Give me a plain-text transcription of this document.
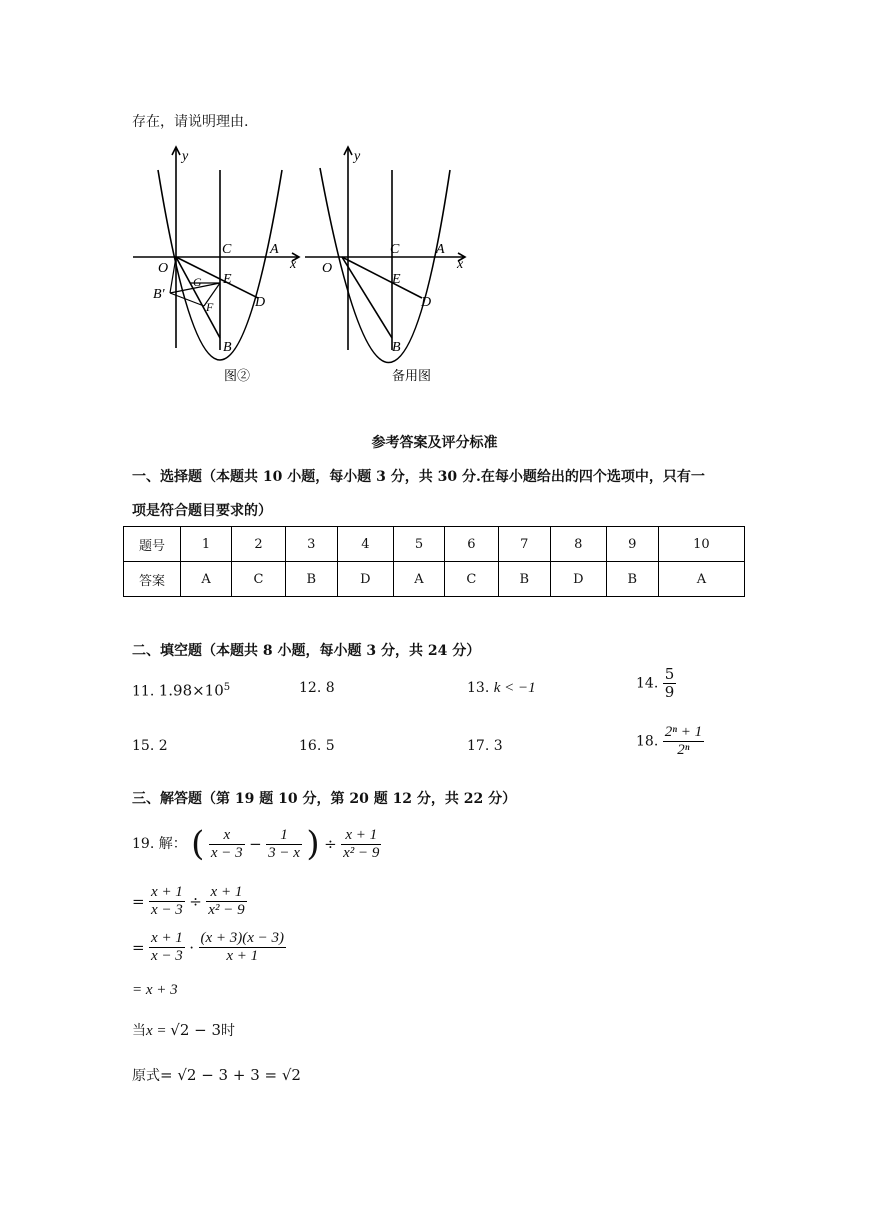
存在，请说明理由.
y
x
O
C	A
E
D
B
G
F
B'
图②
y
x
O
C	A
E
D
B
备用图
参考答案及评分标准
一、选择题（本题共 10 小题，每小题 3 分，共 30 分.在每小题给出的四个选项中，只有一
项是符合题目要求的）
题号	1	2	3	4	5	6	7	8	9	10
答案	A	C	B	D	A	C	B	D	B	A
二、填空题（本题共 8 小题，每小题 3 分，共 24 分）
11. $1.98\times 10^5$	12. 8	13. k < −1	14. $\frac{5}{9}$
15. 2	16. 5	17. 3	18. $\frac{\text{2ⁿ + 1}}{\text{2ⁿ}}$
三、解答题（第 19 题 10 分，第 20 题 12 分，共 22 分）
19. 解： ( $\frac{x}{x - 3} - \frac{1}{3 - x}$ ) ÷ $\frac{x + 1}{\text{x² − 9}}$
= $\frac{x + 1}{x - 3} \div \frac{x + 1}{\text{x² − 9}}$
= $\frac{x + 1}{x - 3} \cdot \frac{(x + 3)(x - 3)}{x + 1}$
= x + 3
当x = √2 − 3时
原式= √2 − 3 + 3 = √2
